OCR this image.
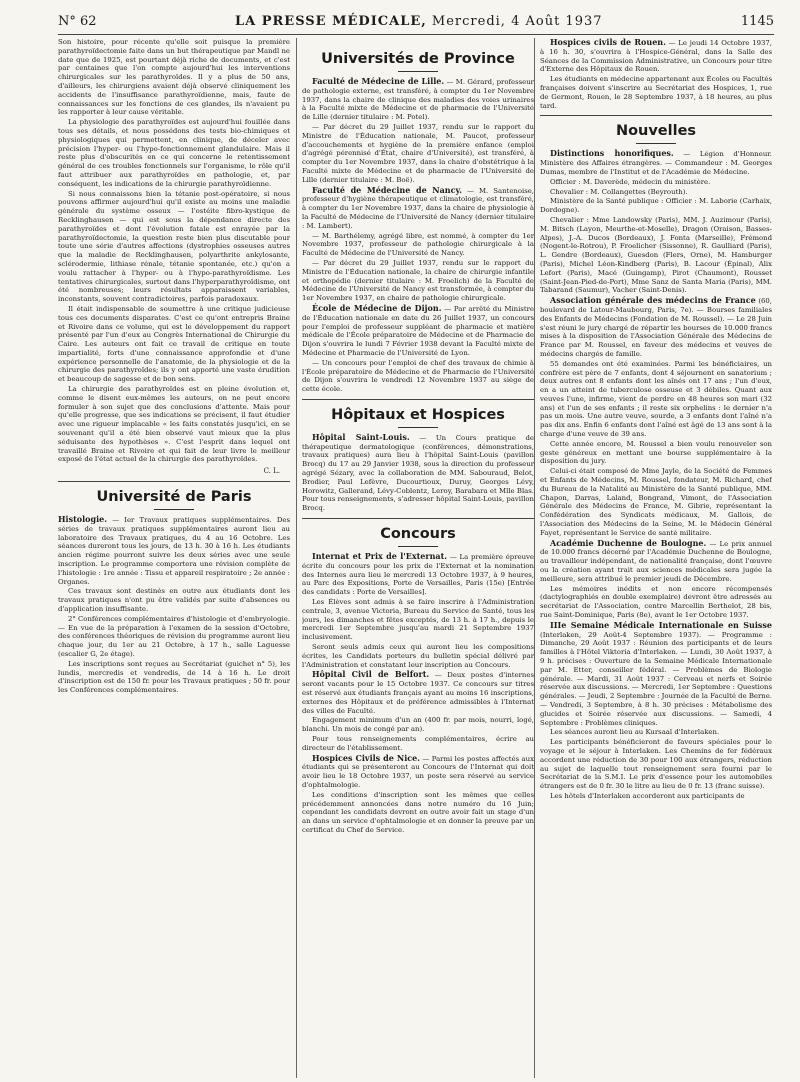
N° 62	LA PRESSE MÉDICALE, Mercredi, 4 Août 1937	1145

Son histoire, pour récente qu'elle soit puisque la première parathyroïdectomie faite dans un but thérapeutique par Mandl ne date que de 1925, est pourtant déjà riche de documents, et c'est par centaines que l'on compte aujourd'hui les interventions chirurgicales sur les parathyroïdes. Il y a plus de 50 ans, d'ailleurs, les chirurgiens avaient déjà observé cliniquement les accidents de l'insuffisance parathyroïdienne, mais, faute de connaissances sur les fonctions de ces glandes, ils n'avaient pu les rapporter à leur cause véritable.

La physiologie des parathyroïdes est aujourd'hui fouillée dans tous ses détails, et nous possédons des tests bio-chimiques et physiologiques qui permettent, en clinique, de déceler avec précision l'hyper- ou l'hypo-fonctionnement glandulaire. Mais il reste plus d'obscurités en ce qui concerne le retentissement général de ces troubles fonctionnels sur l'organisme, le rôle qu'il faut attribuer aux parathyroïdes en pathologie, et, par conséquent, les indications de la chirurgie parathyroïdienne.

Si nous connaissons bien la tétanie post-opératoire, si nous pouvons affirmer aujourd'hui qu'il existe au moins une maladie générale du système osseux — l'ostéite fibro-kystique de Recklinghausen — qui est sous la dépendance directe des parathyroïdes et dont l'évolution fatale est enrayée par la parathyroïdectomie, la question reste bien plus discutable pour toute une série d'autres affections (dystrophies osseuses autres que la maladie de Recklinghausen, polyarthrite ankylosante, sclérodermie, lithiase rénale, tétanie spontanée, etc.) qu'on a voulu rattacher à l'hyper- ou à l'hypo-parathyroïdisme. Les tentatives chirurgicales, surtout dans l'hyperparathyroïdisme, ont été nombreuses; leurs résultats apparaissent variables, inconstants, souvent contradictoires, parfois paradoxaux.

Il était indispensable de soumettre à une critique judicieuse tous ces documents disparates. C'est ce qu'ont entrepris Braine et Rivoire dans ce volume, qui est le développement du rapport présenté par l'un d'eux au Congrès International de Chirurgie du Caire. Les auteurs ont fait ce travail de critique en toute impartialité, forts d'une connaissance approfondie et d'une expérience personnelle de l'anatomie, de la physiologie et de la chirurgie des parathyroïdes; ils y ont apporté une vaste érudition et beaucoup de sagesse et de bon sens.

La chirurgie des parathyroïdes est en pleine évolution et, comme le disent eux-mêmes les auteurs, on ne peut encore formuler à son sujet que des conclusions d'attente. Mais pour qu'elle progresse, que ses indications se précisent, il faut étudier avec une rigueur implacable « les faits constatés jusqu'ici, en se souvenant qu'il a été bien observé vaut mieux que la plus séduisante des hypothèses ». C'est l'esprit dans lequel ont travaillé Braine et Rivoire et qui fait de leur livre le meilleur exposé de l'état actuel de la chirurgie des parathyroïdes.

C. L.
Université de Paris

Histologie. — Ier Travaux pratiques supplémentaires. Des séries de travaux pratiques supplémentaires auront lieu au laboratoire des Travaux pratiques, du 4 au 16 Octobre. Les séances dureront tous les jours, de 13 h. 30 à 16 h. Les étudiants ancien régime pourront suivre les deux séries avec une seule inscription. Le programme comportera une révision complète de l'histologie : 1re année : Tissu et appareil respiratoire ; 2e année : Organes.

Ces travaux sont destinés en outre aux étudiants dont les travaux pratiques n'ont pu être validés par suite d'absences ou d'application insuffisante.

2° Conférences complémentaires d'histologie et d'embryologie. — En vue de la préparation à l'examen de la session d'Octobre, des conférences théoriques de révision du programme auront lieu chaque jour, du 1er au 21 Octobre, à 17 h., salle Laguesse (escalier G, 2e étage).

Les inscriptions sont reçues au Secrétariat (guichet n° 5), les lundis, mercredis et vendredis, de 14 à 16 h. Le droit d'inscription est de 150 fr. pour les Travaux pratiques ; 50 fr. pour les Conférences complémentaires.

Universités de Province

Faculté de Médecine de Lille. — M. Gérard, professeur de pathologie externe, est transféré, à compter du 1er Novembre 1937, dans la chaire de clinique des maladies des voies urinaires à la Faculté mixte de Médecine et de pharmacie de l'Université de Lille (dernier titulaire : M. Potel).

— Par décret du 29 Juillet 1937, rendu sur le rapport du Ministre de l'Éducation nationale, M. Paucot, professeur d'accouchements et hygiène de la première enfance (emploi d'agrégé pérennisé d'État, chaire d'Université), est transféré, à compter du 1er Novembre 1937, dans la chaire d'obstétrique à la Faculté mixte de Médecine et de pharmacie de l'Université de Lille (dernier titulaire : M. Boë).

Faculté de Médecine de Nancy. — M. Santenoise, professeur d'hygiène thérapeutique et climatologie, est transféré, à compter du 1er Novembre 1937, dans la chaire de physiologie à la Faculté de Médecine de l'Université de Nancy (dernier titulaire : M. Lambert).

— M. Barthélemy, agrégé libre, est nommé, à compter du 1er Novembre 1937, professeur de pathologie chirurgicale à la Faculté de Médecine de l'Université de Nancy.

— Par décret du 29 Juillet 1937, rendu sur le rapport du Ministre de l'Éducation nationale, la chaire de chirurgie infantile et orthopédie (dernier titulaire : M. Froelich) de la Faculté de Médecine de l'Université de Nancy est transformée, à compter du 1er Novembre 1937, en chaire de pathologie chirurgicale.

École de Médecine de Dijon. — Par arrêté du Ministre de l'Éducation nationale en date du 26 Juillet 1937, un concours pour l'emploi de professeur suppléant de pharmacie et matière médicale de l'École préparatoire de Médecine et de Pharmacie de Dijon s'ouvrira le lundi 7 Février 1938 devant la Faculté mixte de Médecine et Pharmacie de l'Université de Lyon.

— Un concours pour l'emploi de chef des travaux de chimie à l'École préparatoire de Médecine et de Pharmacie de l'Université de Dijon s'ouvrira le vendredi 12 Novembre 1937 au siège de cette école.

Hôpitaux et Hospices

Hôpital Saint-Louis. — Un Cours pratique de thérapeutique dermatologique (conférences, démonstrations, travaux pratiques) aura lieu à l'hôpital Saint-Louis (pavillon Brocq) du 17 au 29 Janvier 1938, sous la direction du professeur agrégé Sézary, avec la collaboration de MM. Sabouraud, Belot, Brodier, Paul Lefèvre, Ducourtioux, Duruy, Georges Lévy, Horowitz, Gallerand, Lévy-Coblentz, Leroy, Barabara et Mlle Blas. Pour tous renseignements, s'adresser hôpital Saint-Louis, pavillon Brocq.

Concours

Internat et Prix de l'Externat. — La première épreuve écrite du concours pour les prix de l'Externat et la nomination des Internes aura lieu le mercredi 13 Octobre 1937, à 9 heures, au Parc des Expositions, Porte de Versailles, Paris (15e) [Entrée des candidats : Porte de Versailles].

Les Élèves sont admis à se faire inscrire à l'Administration centrale, 3, avenue Victoria, Bureau du Service de Santé, tous les jours, les dimanches et fêtes exceptés, de 13 h. à 17 h., depuis le mercredi 1er Septembre jusqu'au mardi 21 Septembre 1937 inclusivement.

Seront seuls admis ceux qui auront lieu les compositions écrites, les Candidats porteurs du bulletin spécial délivré par l'Administration et constatant leur inscription au Concours.

Hôpital Civil de Belfort. — Deux postes d'internes seront vacants pour le 15 Octobre 1937. Ce concours sur titres est réservé aux étudiants français ayant au moins 16 inscriptions, externes des Hôpitaux et de préférence admissibles à l'Internat des villes de Faculté.

Engagement minimum d'un an (400 fr. par mois, nourri, logé, blanchi. Un mois de congé par an).

Pour tous renseignements complémentaires, écrire au directeur de l'établissement.

Hospices Civils de Nice. — Parmi les postes affectés aux étudiants qui se présenteront au Concours de l'Internat qui doit avoir lieu le 18 Octobre 1937, un poste sera réservé au service d'ophtalmologie.

Les conditions d'inscription sont les mêmes que celles précédemment annoncées dans notre numéro du 16 Juin; cependant les candidats devront en outre avoir fait un stage d'un an dans un service d'ophtalmologie et en donner la preuve par un certificat du Chef de Service.

Hospices civils de Rouen. — Le jeudi 14 Octobre 1937, à 16 h. 30, s'ouvrira à l'Hospice-Général, dans la Salle des Séances de la Commission Administrative, un Concours pour titre d'Externe des Hôpitaux de Rouen.

Les étudiants en médecine appartenant aux Écoles ou Facultés françaises doivent s'inscrire au Secrétariat des Hospices, 1, rue de Germont, Rouen, le 28 Septembre 1937, à 18 heures, au plus tard.

Nouvelles

Distinctions honorifiques. — Légion d'Honneur. Ministère des Affaires étrangères. — Commandeur : M. Georges Dumas, membre de l'Institut et de l'Académie de Médecine.

Officier : M. Daverède, médecin du ministère.

Chevalier : M. Collangettes (Beyrouth).

Ministère de la Santé publique : Officier : M. Laborie (Carhaix, Dordogne).

Chevalier : Mme Landowsky (Paris), MM. J. Auzimour (Paris), M. Bitsch (Layon, Meurthe-et-Moselle), Dragon (Oraison, Basses-Alpes), J.-A. Ducos (Bordeaux), J. Fonta (Marseille), Frémond (Nogent-le-Rotrou), P. Froelicher (Sissonne), R. Gaulliard (Paris), L. Gendre (Bordeaux), Guesdon (Flers, Orne), M. Hamburger (Paris), Michel Léon-Kindberg (Paris), B. Lacour (Épinal), Alix Lefort (Paris), Macé (Guingamp), Pirot (Chaumont), Rousset (Saint-Jean-Pied-de-Port), Mme Sanz de Santa Maria (Paris), MM. Tabarand (Saumur), Vacher (Saint-Denis).

Association générale des médecins de France (60, boulevard de Latour-Maubourg, Paris, 7e). — Bourses familiales des Enfants de Médecins (Fondation de M. Roussel). — Le 28 Juin s'est réuni le jury chargé de répartir les bourses de 10.000 francs mises à la disposition de l'Association Générale des Médecins de France par M. Roussel, en faveur des médecins et veuves de médecins chargés de famille.

55 demandes ont été examinées. Parmi les bénéficiaires, un confrère est père de 7 enfants, dont 4 séjournent en sanatorium ; deux autres ont 8 enfants dont les aînés ont 17 ans ; l'un d'eux, en a un atteint de tuberculose osseuse et 3 débiles. Quant aux veuves l'une, infirme, vient de perdre en 48 heures son mari (32 ans) et l'un de ses enfants ; il reste six orphelins : le dernier n'a pas un mois. Une autre veuve, sourde, a 3 enfants dont l'aîné n'a pas dix ans. Enfin 6 enfants dont l'aîné est âgé de 13 ans sont à la charge d'une veuve de 39 ans.

Cette année encore, M. Roussel a bien voulu renouveler son geste généreux en mettant une bourse supplémentaire à la disposition du jury.

Celui-ci était composé de Mme Jayle, de la Société de Femmes et Enfants de Médecins, M. Roussel, fondateur, M. Richard, chef du Bureau de la Natalité au Ministère de la Santé publique, MM. Chapon, Darras, Laland, Bongrand, Vimont, de l'Association Générale des Médecins de France, M. Gibrie, représentant la Confédération des Syndicats médicaux, M. Gallois, de l'Association des Médecins de la Seine, M. le Médecin Général Fayet, représentant le Service de santé militaire.

Académie Duchenne de Boulogne. — Le prix annuel de 10.000 francs décerné par l'Académie Duchenne de Boulogne, au travailleur indépendant, de nationalité française, dont l'œuvre ou la création ayant trait aux sciences médicales sera jugée la meilleure, sera attribué le premier jeudi de Décembre.

Les mémoires inédits et non encore récompensés (dactylographiés en double exemplaire) devront être adressés au secrétariat de l'Association, centre Marcellin Berthelot, 28 bis, rue Saint-Dominique, Paris (8e), avant le 1er Octobre 1937.

IIIe Semaine Médicale Internationale en Suisse (Interlaken, 29 Août-4 Septembre 1937). — Programme : Dimanche, 29 Août 1937 : Réunion des participants et de leurs familles à l'Hôtel Viktoria d'Interlaken. — Lundi, 30 Août 1937, à 9 h. précises : Ouverture de la Semaine Médicale Internationale par M. Etter, conseiller fédéral. — Problèmes de Biologie générale. — Mardi, 31 Août 1937 : Cerveau et nerfs et Soirée réservée aux discussions. — Mercredi, 1er Septembre : Questions générales. — Jeudi, 2 Septembre : Journée de la Faculté de Berne. — Vendredi, 3 Septembre, à 8 h. 30 précises : Métabolisme des glucides et Soirée réservée aux discussions. — Samedi, 4 Septembre : Problèmes cliniques.

Les séances auront lieu au Kursaal d'Interlaken.

Les participants bénéficieront de faveurs spéciales pour le voyage et le séjour à Interlaken. Les Chemins de fer fédéraux accordent une réduction de 30 pour 100 aux étrangers, réduction au sujet de laquelle tout renseignement sera fourni par le Secrétariat de la S.M.I. Le prix d'essence pour les automobiles étrangers est de 0 fr. 30 le litre au lieu de 0 fr. 13 (franc suisse).

Les hôtels d'Interlaken accorderont aux participants de
